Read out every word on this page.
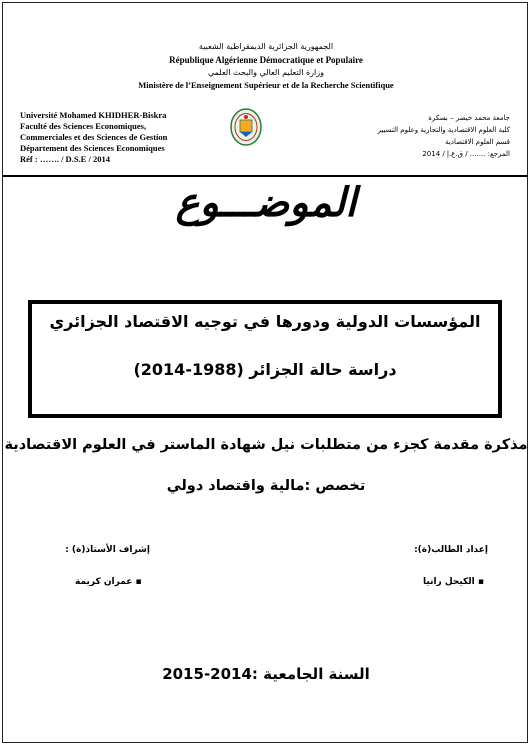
الجمهورية الجزائرية الديمقراطية الشعبية
République Algérienne Démocratique et Populaire
وزارة التعليم العالي والبحث العلمي
Ministère de l’Enseignement Supérieur et de la Recherche Scientifique
Université Mohamed KHIDHER-Biskra
Faculté des Sciences Economiques,
Commerciales et des Sciences de Gestion
Département des Sciences Economiques
Réf : ……. / D.S.E / 2014
جامعة محمد خيضر – بسكرة
كلية العلوم الاقتصادية والتجارية وعلوم التسيير
قسم العلوم الاقتصادية
المرجع: ....... / ق.ع.إ / 2014
الموضـــوع
المؤسسات الدولية ودورها في توجيه الاقتصاد الجزائري
دراسة حالة الجزائر (1988-2014)
مذكرة مقدمة كجزء من متطلبات نيل شهادة الماستر في العلوم الاقتصادية
تخصص :مالية واقتصاد دولي
إعداد الطالب(ة):
إشراف الأستاذ(ة) :
▪ الكيحل رانيا
▪ عمران كريمة
السنة الجامعية :2014-2015
